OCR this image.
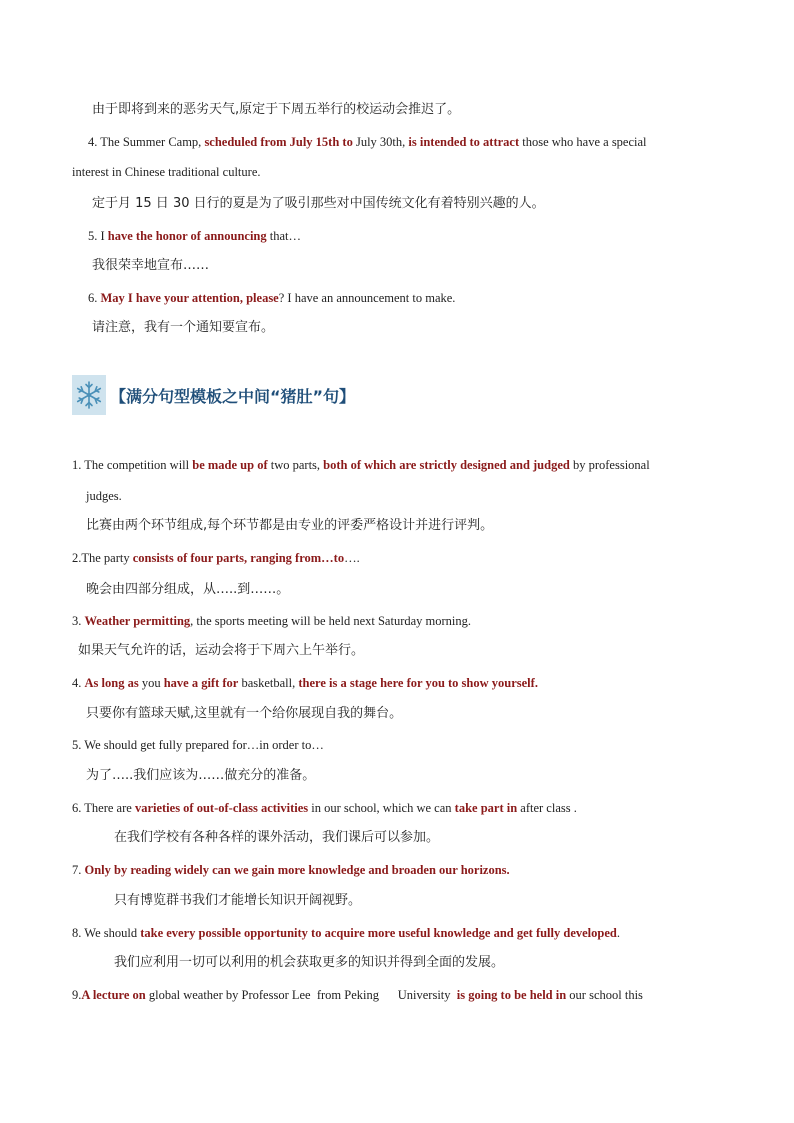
由于即将到来的恶劣天气,原定于下周五举行的校运动会推迟了。
4. The Summer Camp, scheduled from July 15th to July 30th, is intended to attract those who have a special
interest in Chinese traditional culture.
定于月 15 日 30 日行的夏是为了吸引那些对中国传统文化有着特别兴趣的人。
5. I have the honor of announcing that…
我很荣幸地宣布……
6. May I have your attention, please? I have an announcement to make.
请注意，我有一个通知要宣布。
【满分句型模板之中间“猪肚”句】
1. The competition will be made up of two parts, both of which are strictly designed and judged by professional
judges.
比赛由两个环节组成,每个环节都是由专业的评委严格设计并进行评判。
2.The party consists of four parts, ranging from…to….
晚会由四部分组成，从…..到……。
3. Weather permitting, the sports meeting will be held next Saturday morning.
如果天气允许的话，运动会将于下周六上午举行。
4. As long as you have a gift for basketball, there is a stage here for you to show yourself.
只要你有篮球天赋,这里就有一个给你展现自我的舞台。
5. We should get fully prepared for…in order to…
为了…..我们应该为……做充分的准备。
6. There are varieties of out-of-class activities in our school, which we can take part in after class .
在我们学校有各种各样的课外活动，我们课后可以参加。
7. Only by reading widely can we gain more knowledge and broaden our horizons.
只有博览群书我们才能增长知识开阔视野。
8. We should take every possible opportunity to acquire more useful knowledge and get fully developed.
我们应利用一切可以利用的机会获取更多的知识并得到全面的发展。
9.A lecture on global weather by Professor Lee  from Peking      University  is going to be held in our school this
